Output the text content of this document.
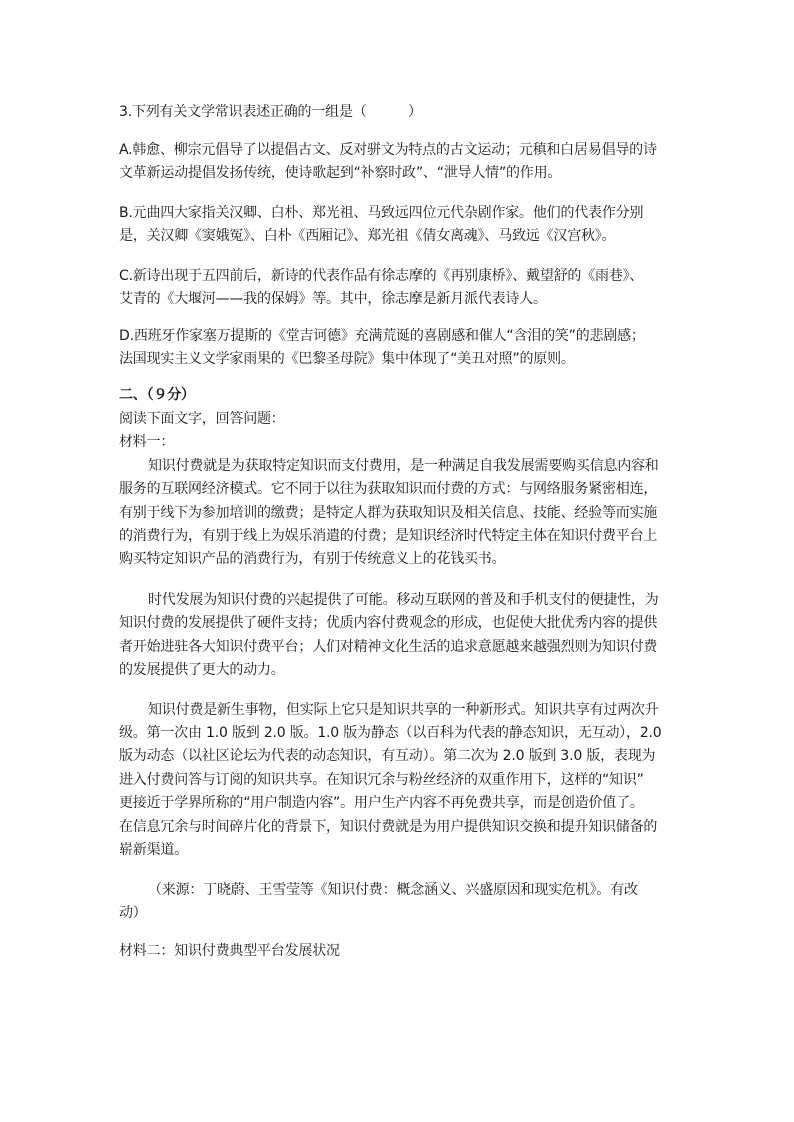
3.下列有关文学常识表述正确的一组是（　　　）
A.韩愈、柳宗元倡导了以提倡古文、反对骈文为特点的古文运动；元稹和白居易倡导的诗
文革新运动提倡发扬传统，使诗歌起到“补察时政”、“泄导人情”的作用。
B.元曲四大家指关汉卿、白朴、郑光祖、马致远四位元代杂剧作家。他们的代表作分别
是，关汉卿《窦娥冤》、白朴《西厢记》、郑光祖《倩女离魂》、马致远《汉宫秋》。
C.新诗出现于五四前后，新诗的代表作品有徐志摩的《再别康桥》、戴望舒的《雨巷》、
艾青的《大堰河——我的保姆》等。其中，徐志摩是新月派代表诗人。
D.西班牙作家塞万提斯的《堂吉诃德》充满荒诞的喜剧感和催人“含泪的笑”的悲剧感；
法国现实主义文学家雨果的《巴黎圣母院》集中体现了“美丑对照”的原则。
二、（９分）
阅读下面文字，回答问题：
材料一：
知识付费就是为获取特定知识而支付费用，是一种满足自我发展需要购买信息内容和
服务的互联网经济模式。它不同于以往为获取知识而付费的方式：与网络服务紧密相连，
有别于线下为参加培训的缴费；是特定人群为获取知识及相关信息、技能、经验等而实施
的消费行为，有别于线上为娱乐消遣的付费；是知识经济时代特定主体在知识付费平台上
购买特定知识产品的消费行为，有别于传统意义上的花钱买书。
时代发展为知识付费的兴起提供了可能。移动互联网的普及和手机支付的便捷性，为
知识付费的发展提供了硬件支持；优质内容付费观念的形成，也促使大批优秀内容的提供
者开始进驻各大知识付费平台；人们对精神文化生活的追求意愿越来越强烈则为知识付费
的发展提供了更大的动力。
知识付费是新生事物，但实际上它只是知识共享的一种新形式。知识共享有过两次升
级。第一次由 1.0 版到 2.0 版。1.0 版为静态（以百科为代表的静态知识，无互动），2.0
版为动态（以社区论坛为代表的动态知识，有互动）。第二次为 2.0 版到 3.0 版，表现为
进入付费问答与订阅的知识共享。在知识冗余与粉丝经济的双重作用下，这样的“知识”
更接近于学界所称的“用户制造内容”。用户生产内容不再免费共享，而是创造价值了。
在信息冗余与时间碎片化的背景下，知识付费就是为用户提供知识交换和提升知识储备的
崭新渠道。
（来源：丁晓蔚、王雪莹等《知识付费：概念涵义、兴盛原因和现实危机》。有改
动）
材料二：知识付费典型平台发展状况
